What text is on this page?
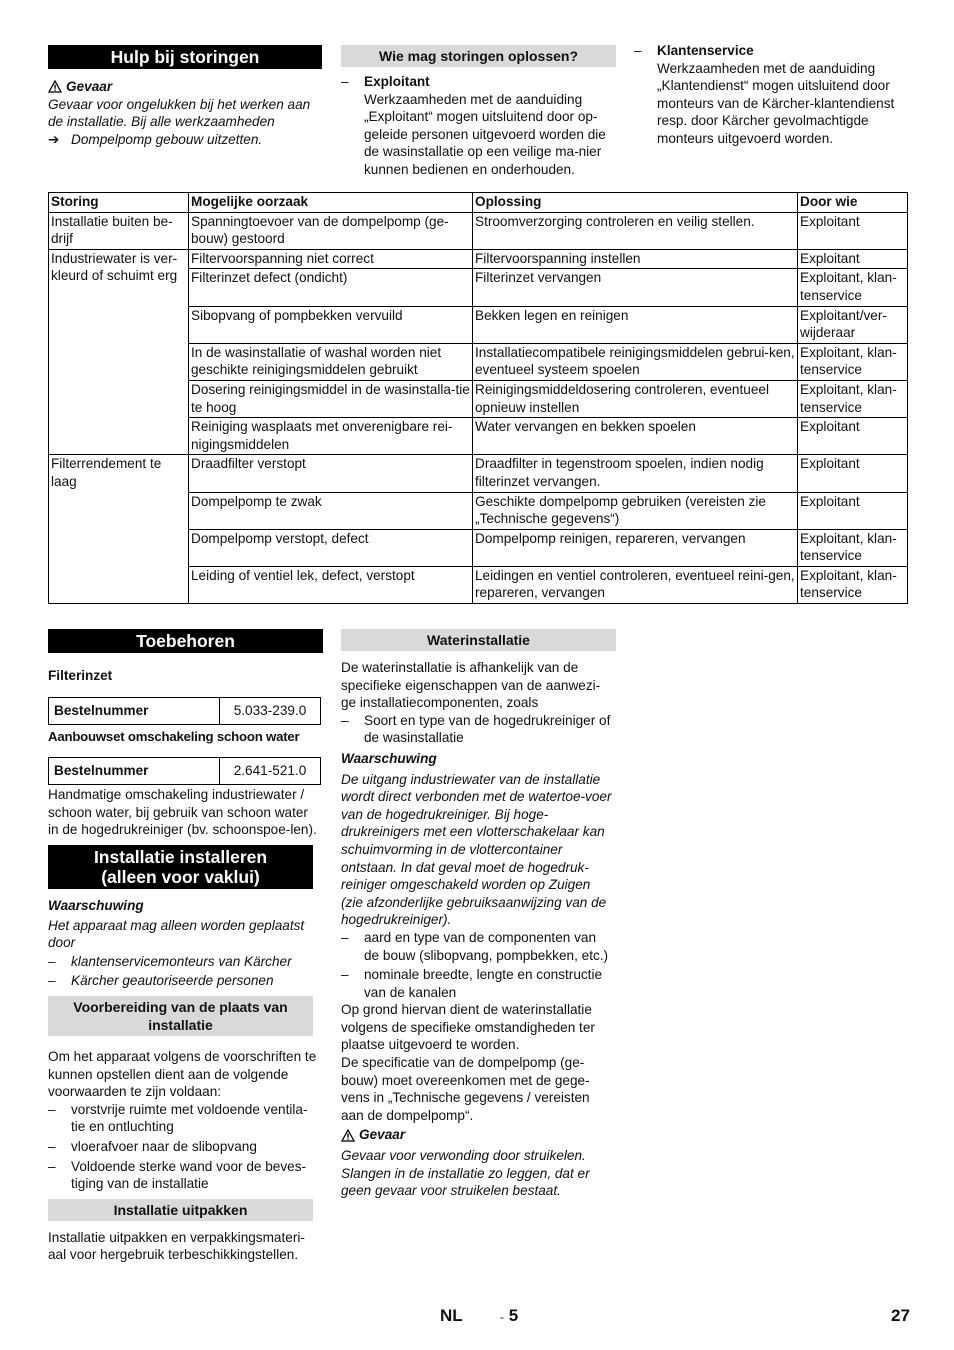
Hulp bij storingen
Gevaar

Gevaar voor ongelukken bij het werken aan de installatie. Bij alle werkzaamheden

➔ Dompelpomp gebouw uitzetten.
Wie mag storingen oplossen?
– Exploitant
Werkzaamheden met de aanduiding „Exploitant“ mogen uitsluitend door op-geleide personen uitgevoerd worden die de wasinstallatie op een veilige ma-nier kunnen bedienen en onderhouden.
– Klantenservice
Werkzaamheden met de aanduiding „Klantendienst“ mogen uitsluitend door monteurs van de Kärcher-klantendienst resp. door Kärcher gevolmachtigde monteurs uitgevoerd worden.
Storing	Mogelijke oorzaak	Oplossing	Door wie
Installatie buiten be-drijf	Spanningtoevoer van de dompelpomp (ge-bouw) gestoord	Stroomverzorging controleren en veilig stellen.	Exploitant
Industriewater is ver-kleurd of schuimt erg	Filtervoorspanning niet correct	Filtervoorspanning instellen	Exploitant
	Filterinzet defect (ondicht)	Filterinzet vervangen	Exploitant, klan-tenservice
	Sibopvang of pompbekken vervuild	Bekken legen en reinigen	Exploitant/ver-wijderaar
	In de wasinstallatie of washal worden niet geschikte reinigingsmiddelen gebruikt	Installatiecompatibele reinigingsmiddelen gebrui-ken, eventueel systeem spoelen	Exploitant, klan-tenservice
	Dosering reinigingsmiddel in de wasinstalla-tie te hoog	Reinigingsmiddeldosering controleren, eventueel opnieuw instellen	Exploitant, klan-tenservice
	Reiniging wasplaats met onverenigbare rei-nigingsmiddelen	Water vervangen en bekken spoelen	Exploitant
Filterrendement te laag	Draadfilter verstopt	Draadfilter in tegenstroom spoelen, indien nodig filterinzet vervangen.	Exploitant
	Dompelpomp te zwak	Geschikte dompelpomp gebruiken (vereisten zie „Technische gegevens“)	Exploitant
	Dompelpomp verstopt, defect	Dompelpomp reinigen, repareren, vervangen	Exploitant, klan-tenservice
	Leiding of ventiel lek, defect, verstopt	Leidingen en ventiel controleren, eventueel reini-gen, repareren, vervangen	Exploitant, klan-tenservice
Toebehoren

Filterinzet

Bestelnummer	5.033-239.0

Aanbouwset omschakeling schoon water

Bestelnummer	2.641-521.0

Handmatige omschakeling industriewater / schoon water, bij gebruik van schoon water in de hogedrukreiniger (bv. schoonspoe-len).

Installatie installeren
(alleen voor vaklui)

Waarschuwing

Het apparaat mag alleen worden geplaatst door

– klantenservicemonteurs van Kärcher
– Kärcher geautoriseerde personen
Voorbereiding van de plaats van installatie

Om het apparaat volgens de voorschriften te kunnen opstellen dient aan de volgende voorwaarden te zijn voldaan:

– vorstvrije ruimte met voldoende ventila-tie en ontluchting
– vloerafvoer naar de slibopvang
– Voldoende sterke wand voor de beves-tiging van de installatie
Installatie uitpakken

Installatie uitpakken en verpakkingsmateri-aal voor hergebruik terbeschikkingstellen.

Waterinstallatie

De waterinstallatie is afhankelijk van de specifieke eigenschappen van de aanwezi-ge installatiecomponenten, zoals

– Soort en type van de hogedrukreiniger of de wasinstallatie

Waarschuwing

De uitgang industriewater van de installatie wordt direct verbonden met de watertoe-voer van de hogedrukreiniger. Bij hoge-drukreinigers met een vlotterschakelaar kan schuimvorming in de vlottercontainer ontstaan. In dat geval moet de hogedruk-reiniger omgeschakeld worden op Zuigen (zie afzonderlijke gebruiksaanwijzing van de hogedrukreiniger).

– aard en type van de componenten van de bouw (slibopvang, pompbekken, etc.)
– nominale breedte, lengte en constructie van de kanalen

Op grond hiervan dient de waterinstallatie volgens de specifieke omstandigheden ter plaatse uitgevoerd te worden.

De specificatie van de dompelpomp (ge-bouw) moet overeenkomen met de gege-vens in „Technische gegevens / vereisten aan de dompelpomp“.

Gevaar

Gevaar voor verwonding door struikelen. Slangen in de installatie zo leggen, dat er geen gevaar voor struikelen bestaat.

NL	- 5	27
